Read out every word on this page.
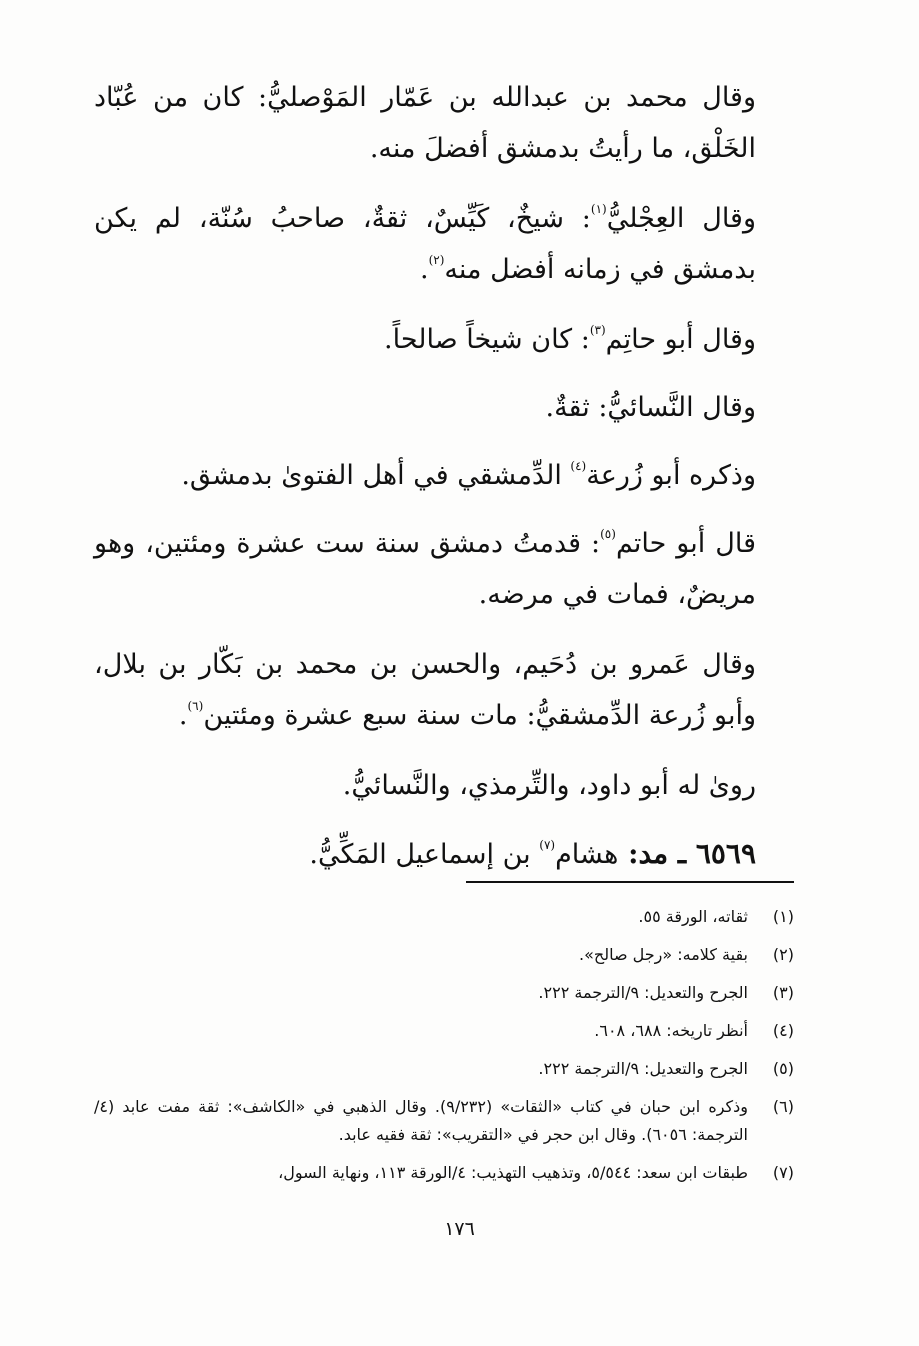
وقال محمد بن عبدالله بن عَمّار المَوْصليُّ: كان من عُبّاد الخَلْق، ما رأيتُ بدمشق أفضلَ منه.

وقال العِجْليُّ$^{(١)}$: شيخٌ، كَيِّسٌ، ثقةٌ، صاحبُ سُنّة، لم يكن بدمشق في زمانه أفضل منه$^{(٢)}$.

وقال أبو حاتِم$^{(٣)}$: كان شيخاً صالحاً.

وقال النَّسائيُّ: ثقةٌ.

وذكره أبو زُرعة$^{(٤)}$ الدِّمشقي في أهل الفتوىٰ بدمشق.

قال أبو حاتم$^{(٥)}$: قدمتُ دمشق سنة ست عشرة ومئتين، وهو مريضٌ، فمات في مرضه.

وقال عَمرو بن دُحَيم، والحسن بن محمد بن بَكّار بن بلال، وأبو زُرعة الدِّمشقيُّ: مات سنة سبع عشرة ومئتين$^{(٦)}$.

روىٰ له أبو داود، والتِّرمذي، والنَّسائيُّ.

٦٥٦٩ ـ مد: هشام$^{(٧)}$ بن إسماعيل المَكِّيُّ.

(١)
ثقاته، الورقة ٥٥.
(٢)
بقية كلامه: «رجل صالح».
(٣)
الجرح والتعديل: ٩/الترجمة ٢٢٢.
(٤)
أنظر تاريخه: ٦٨٨، ٦٠٨.
(٥)
الجرح والتعديل: ٩/الترجمة ٢٢٢.
(٦)
وذكره ابن حبان في كتاب «الثقات» (٩/٢٣٢). وقال الذهبي في «الكاشف»: ثقة مفت عابد (٤/الترجمة: ٦٠٥٦). وقال ابن حجر في «التقريب»: ثقة فقيه عابد.
(٧)
طبقات ابن سعد: ٥/٥٤٤، وتذهيب التهذيب: ٤/الورقة ١١٣، ونهاية السول،
١٧٦
